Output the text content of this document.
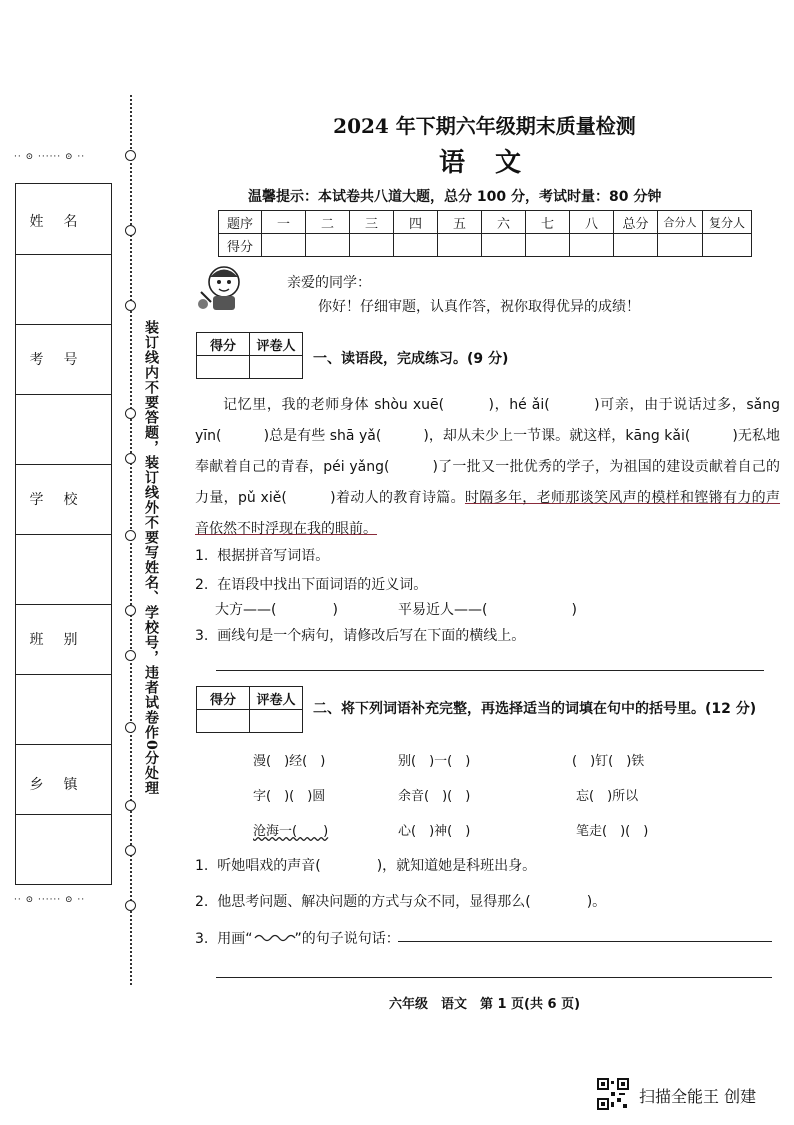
·· ⊙ ······ ⊙ ··
·· ⊙ ······ ⊙ ··
姓名
考号
学校
班别
乡镇	装订线内不要答题，装订线外不要写姓名、学校号，违者试卷作0分处理
2024 年下期六年级期末质量检测
语文
温馨提示：本试卷共八道大题，总分 100 分，考试时量：80 分钟
题序	一	二	三	四	五	六	七	八	总分	合分人	复分人
得分											
亲爱的同学：
你好！仔细审题，认真作答，祝你取得优异的成绩！
得分	评卷人

一、读语段，完成练习。(9 分)
记忆里，我的老师身体 shòu xuē(　　　)，hé ǎi(　　　)可亲，由于说话过多，sǎng yīn(　　　)总是有些 shā yǎ(　　　)，却从未少上一节课。就这样，kāng kǎi(　　　)无私地奉献着自己的青春，péi yǎng(　　　)了一批又一批优秀的学子，为祖国的建设贡献着自己的力量，pǔ xiě(　　　)着动人的教育诗篇。时隔多年，老师那谈笑风声的模样和铿锵有力的声音依然不时浮现在我的眼前。
1.  根据拼音写词语。
2.  在语段中找出下面词语的近义词。
大方——(　　　　)	平易近人——(　　　　　　)
3.  画线句是一个病句，请修改后写在下面的横线上。
得分	评卷人

二、将下列词语补充完整，再选择适当的词填在句中的括号里。(12 分)
漫(　)经(　)	别(　)一(　)	(　)钉(　)铁
字(　)(　)圆	余音(　)(　)	忘(　)所以
沧海一(　　)	心(　)神(　)	笔走(　)(　)
1.  听她唱戏的声音(　　　　)，就知道她是科班出身。
2.  他思考问题、解决问题的方式与众不同，显得那么(　　　　)。
3.  用画“　　　”的句子说句话：
六年级　语文　第 1 页(共 6 页)
扫描全能王 创建
